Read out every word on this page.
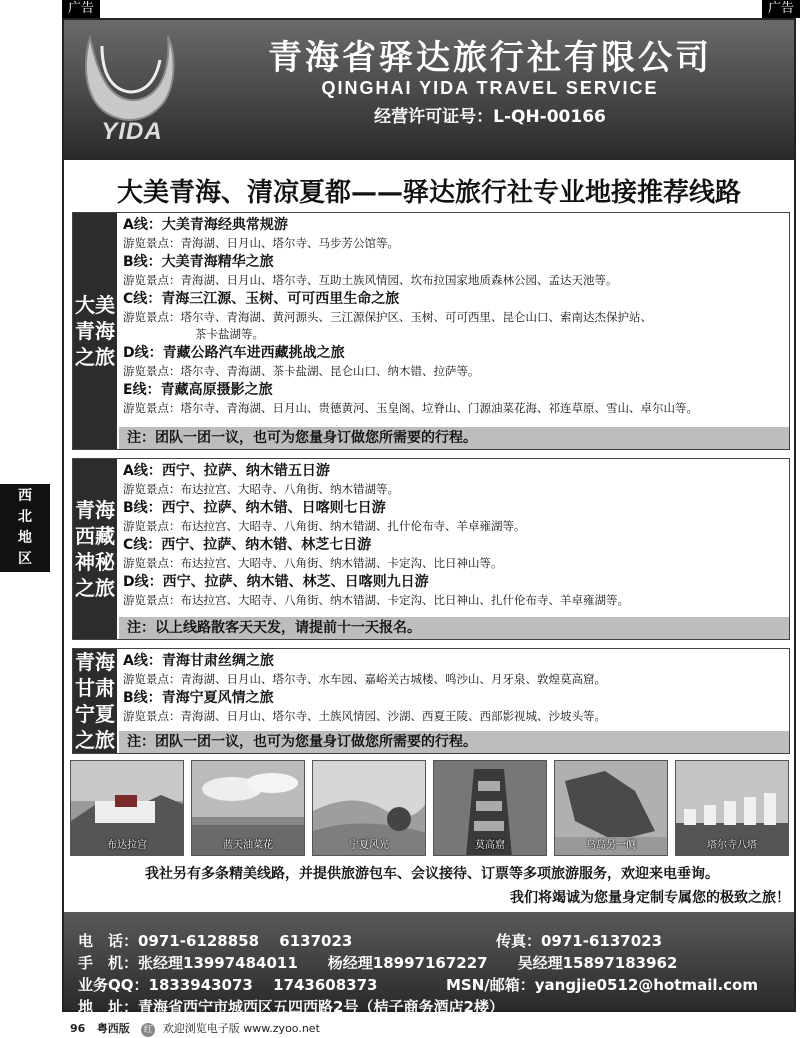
广告	广告
YIDA
青海省驿达旅行社有限公司
QINGHAI YIDA TRAVEL SERVICE
经营许可证号：L-QH-00166
大美青海、清凉夏都——驿达旅行社专业地接推荐线路
大美
青海
之旅
A线：大美青海经典常规游
游览景点：青海湖、日月山、塔尔寺、马步芳公馆等。
B线：大美青海精华之旅
游览景点：青海湖、日月山、塔尔寺、互助土族风情园、坎布拉国家地质森林公园、孟达天池等。
C线：青海三江源、玉树、可可西里生命之旅
游览景点：塔尔寺、青海湖、黄河源头、三江源保护区、玉树、可可西里、昆仑山口、索南达杰保护站、
茶卡盐湖等。
D线：青藏公路汽车进西藏挑战之旅
游览景点：塔尔寺、青海湖、茶卡盐湖、昆仑山口、纳木错、拉萨等。
E线：青藏高原摄影之旅
游览景点：塔尔寺、青海湖、日月山、贵德黄河、玉皇阁、垃脊山、门源油菜花海、祁连草原、雪山、卓尔山等。
注：团队一团一议，也可为您量身订做您所需要的行程。
青海
西藏
神秘
之旅
A线：西宁、拉萨、纳木错五日游
游览景点：布达拉宫、大昭寺、八角街、纳木错湖等。
B线：西宁、拉萨、纳木错、日喀则七日游
游览景点：布达拉宫、大昭寺、八角街、纳木错湖、扎什伦布寺、羊卓雍湖等。
C线：西宁、拉萨、纳木错、林芝七日游
游览景点：布达拉宫、大昭寺、八角街、纳木错湖、卡定沟、比日神山等。
D线：西宁、拉萨、纳木错、林芝、日喀则九日游
游览景点：布达拉宫、大昭寺、八角街、纳木错湖、卡定沟、比日神山、扎什伦布寺、羊卓雍湖等。
注：以上线路散客天天发，请提前十一天报名。
青海
甘肃
宁夏
之旅
A线：青海甘肃丝绸之旅
游览景点：青海湖、日月山、塔尔寺、水车园、嘉峪关古城楼、鸣沙山、月牙泉、敦煌莫高窟。
B线：青海宁夏风情之旅
游览景点：青海湖、日月山、塔尔寺、土族风情园、沙湖、西夏王陵、西部影视城、沙坡头等。
注：团队一团一议，也可为您量身订做您所需要的行程。
西
北
地
区
布达拉宫	蓝天油菜花	宁夏风光	莫高窟	鸟岛另一侧	塔尔寺八塔
我社另有多条精美线路，并提供旅游包车、会议接待、订票等多项旅游服务，欢迎来电垂询。
我们将竭诚为您量身定制专属您的极致之旅！
电　话：0971-6128858　 6137023	传真：0971-6137023
手　机：张经理13997484011　　杨经理18997167227　　吴经理15897183962
业务QQ：1833943073　 1743608373	MSN/邮箱：yangjie0512@hotmail.com
地　址：青海省西宁市城西区五四西路2号（桔子商务酒店2楼）
96 粤西版 红 欢迎浏览电子版 www.zyoo.net
